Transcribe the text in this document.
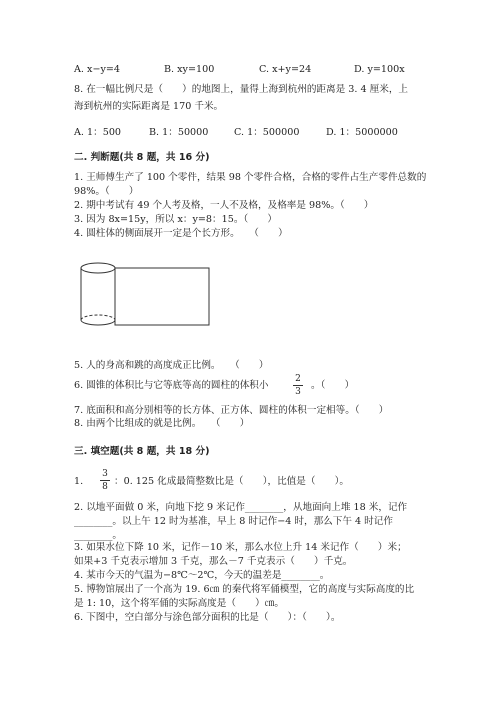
A. x−y=4	B. xy=100	C. x+y=24	D. y=100x
8. 在一幅比例尺是（　　）的地图上，量得上海到杭州的距离是 3. 4 厘米，上
海到杭州的实际距离是 170 千米。
A. 1：500	B. 1：50000	C. 1：500000	D. 1：5000000
二. 判断题(共 8 题，共 16 分)
1. 王师傅生产了 100 个零件，结果 98 个零件合格，合格的零件占生产零件总数的
98%。（　　）
2. 期中考试有 49 个人考及格，一人不及格，及格率是 98%。（　　）
3. 因为 8x=15y，所以 x：y=8：15。（　　）
4. 圆柱体的侧面展开一定是个长方形。　　（　　）
5. 人的身高和跳的高度成正比例。　　（　　）
6. 圆锥的体积比与它等底等高的圆柱的体积小
2
3
。（　　）
7. 底面积和高分别相等的长方体、正方体、圆柱的体积一定相等。（　　）
8. 由两个比组成的就是比例。　　（　　）
三. 填空题(共 8 题，共 18 分)
1.
3
8 ：0. 125 化成最简整数比是（　　），比值是（　　）。
2. 以地平面做 0 米，向地下挖 9 米记作________，从地面向上堆 18 米，记作
________。以上午 12 时为基准，早上 8 时记作−4 时，那么下午 4 时记作
________。
3. 如果水位下降 10 米，记作－10 米，那么水位上升 14 米记作（　　）米；
如果+3 千克表示增加 3 千克，那么－7 千克表示（　　）千克。
4. 某市今天的气温为−8℃～2℃，今天的温差是________。
5. 博物馆展出了一个高为 19. 6㎝ 的秦代将军俑模型，它的高度与实际高度的比
是 1: 10，这个将军俑的实际高度是（　　）㎝。
6. 下图中，空白部分与涂色部分面积的比是（　　）：（　　）。
